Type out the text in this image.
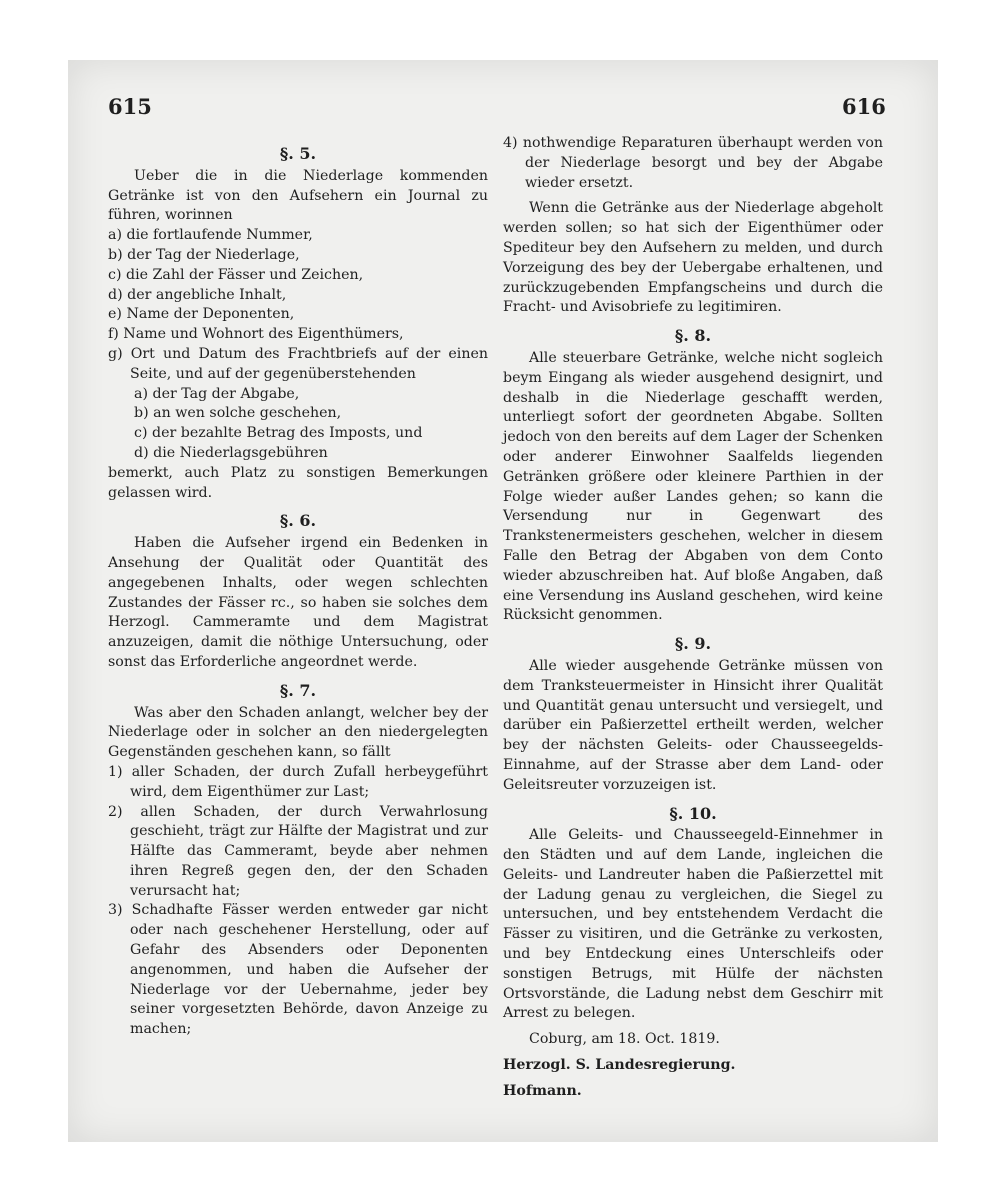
615	616
§. 5.

Ueber die in die Niederlage kommenden Getränke ist von den Aufsehern ein Journal zu führen, worinnen

a) die fortlaufende Nummer,

b) der Tag der Niederlage,

c) die Zahl der Fässer und Zeichen,

d) der angebliche Inhalt,

e) Name der Deponenten,

f) Name und Wohnort des Eigenthümers,

g) Ort und Datum des Frachtbriefs auf der einen Seite, und auf der gegenüberstehenden

a) der Tag der Abgabe,

b) an wen solche geschehen,

c) der bezahlte Betrag des Imposts, und

d) die Niederlagsgebühren

bemerkt, auch Platz zu sonstigen Bemerkungen gelassen wird.

§. 6.

Haben die Aufseher irgend ein Bedenken in Ansehung der Qualität oder Quantität des angegebenen Inhalts, oder wegen schlechten Zustandes der Fässer rc., so haben sie solches dem Herzogl. Cammeramte und dem Magistrat anzuzeigen, damit die nöthige Untersuchung, oder sonst das Erforderliche angeordnet werde.

§. 7.

Was aber den Schaden anlangt, welcher bey der Niederlage oder in solcher an den niedergelegten Gegenständen geschehen kann, so fällt

1) aller Schaden, der durch Zufall herbeygeführt wird, dem Eigenthümer zur Last;

2) allen Schaden, der durch Verwahrlosung geschieht, trägt zur Hälfte der Magistrat und zur Hälfte das Cammeramt, beyde aber nehmen ihren Regreß gegen den, der den Schaden verursacht hat;

3) Schadhafte Fässer werden entweder gar nicht oder nach geschehener Herstellung, oder auf Gefahr des Absenders oder Deponenten angenommen, und haben die Aufseher der Niederlage vor der Uebernahme, jeder bey seiner vorgesetzten Behörde, davon Anzeige zu machen;

4) nothwendige Reparaturen überhaupt werden von der Niederlage besorgt und bey der Abgabe wieder ersetzt.

Wenn die Getränke aus der Niederlage abgeholt werden sollen; so hat sich der Eigenthümer oder Spediteur bey den Aufsehern zu melden, und durch Vorzeigung des bey der Uebergabe erhaltenen, und zurückzugebenden Empfangscheins und durch die Fracht- und Avisobriefe zu legitimiren.

§. 8.

Alle steuerbare Getränke, welche nicht sogleich beym Eingang als wieder ausgehend designirt, und deshalb in die Niederlage geschafft werden, unterliegt sofort der geordneten Abgabe. Sollten jedoch von den bereits auf dem Lager der Schenken oder anderer Einwohner Saalfelds liegenden Getränken größere oder kleinere Parthien in der Folge wieder außer Landes gehen; so kann die Versendung nur in Gegenwart des Trankstenermeisters geschehen, welcher in diesem Falle den Betrag der Abgaben von dem Conto wieder abzuschreiben hat. Auf bloße Angaben, daß eine Versendung ins Ausland geschehen, wird keine Rücksicht genommen.

§. 9.

Alle wieder ausgehende Getränke müssen von dem Tranksteuermeister in Hinsicht ihrer Qualität und Quantität genau untersucht und versiegelt, und darüber ein Paßierzettel ertheilt werden, welcher bey der nächsten Geleits- oder Chausseegelds-Einnahme, auf der Strasse aber dem Land- oder Geleitsreuter vorzuzeigen ist.

§. 10.

Alle Geleits- und Chausseegeld-Einnehmer in den Städten und auf dem Lande, ingleichen die Geleits- und Landreuter haben die Paßierzettel mit der Ladung genau zu vergleichen, die Siegel zu untersuchen, und bey entstehendem Verdacht die Fässer zu visitiren, und die Getränke zu verkosten, und bey Entdeckung eines Unterschleifs oder sonstigen Betrugs, mit Hülfe der nächsten Ortsvorstände, die Ladung nebst dem Geschirr mit Arrest zu belegen.

Coburg, am 18. Oct. 1819.

Herzogl. S. Landesregierung.

Hofmann.
